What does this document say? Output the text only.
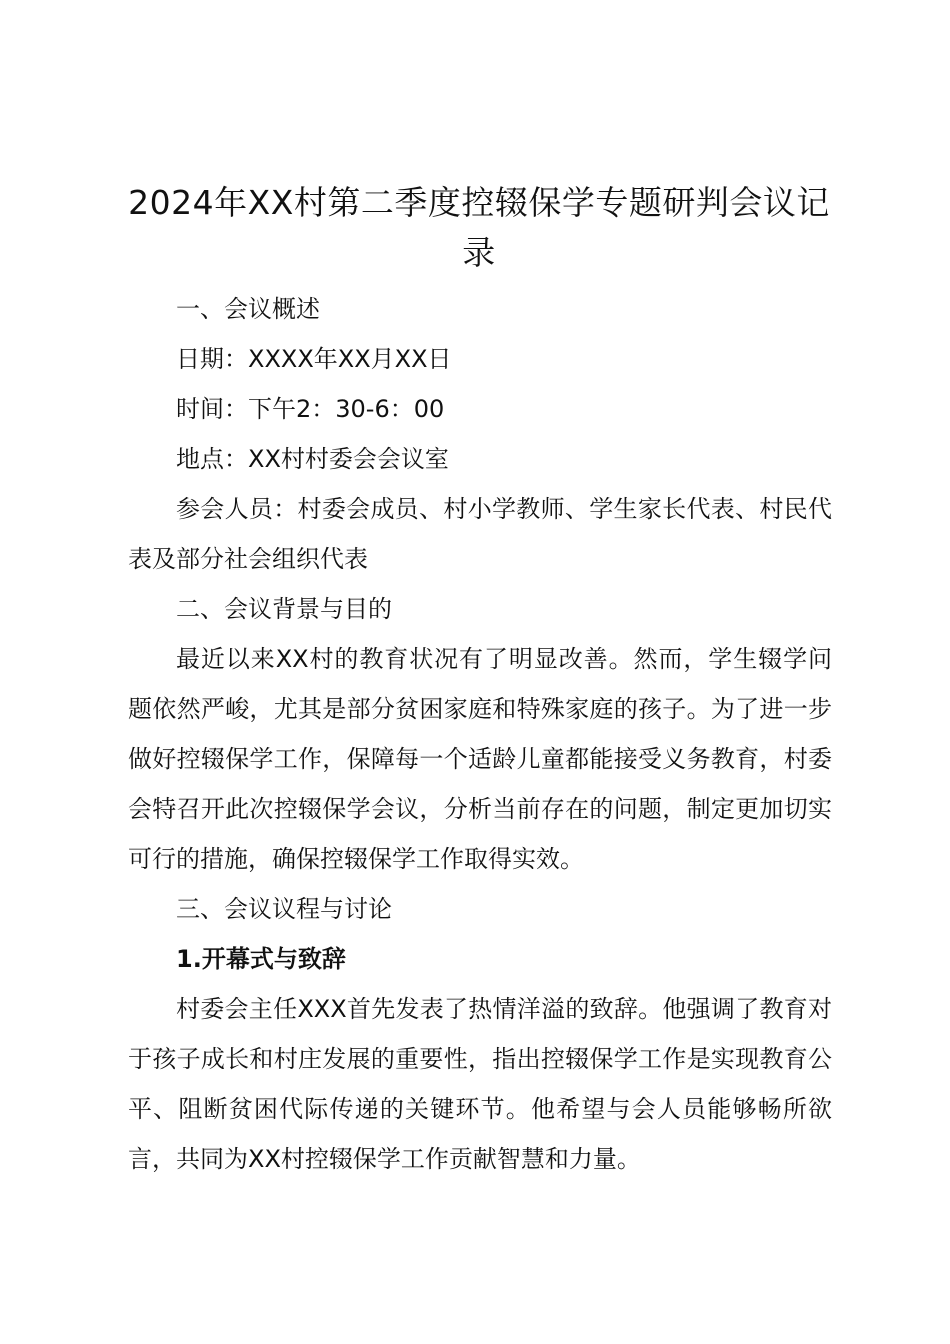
2024年XX村第二季度控辍保学专题研判会议记录

一、会议概述

日期：XXXX年XX月XX日

时间：下午2：30-6：00

地点：XX村村委会会议室

参会人员：村委会成员、村小学教师、学生家长代表、村民代表及部分社会组织代表

二、会议背景与目的

最近以来XX村的教育状况有了明显改善。然而，学生辍学问题依然严峻，尤其是部分贫困家庭和特殊家庭的孩子。为了进一步做好控辍保学工作，保障每一个适龄儿童都能接受义务教育，村委会特召开此次控辍保学会议，分析当前存在的问题，制定更加切实可行的措施，确保控辍保学工作取得实效。

三、会议议程与讨论

1.开幕式与致辞

村委会主任XXX首先发表了热情洋溢的致辞。他强调了教育对于孩子成长和村庄发展的重要性，指出控辍保学工作是实现教育公平、阻断贫困代际传递的关键环节。他希望与会人员能够畅所欲言，共同为XX村控辍保学工作贡献智慧和力量。
